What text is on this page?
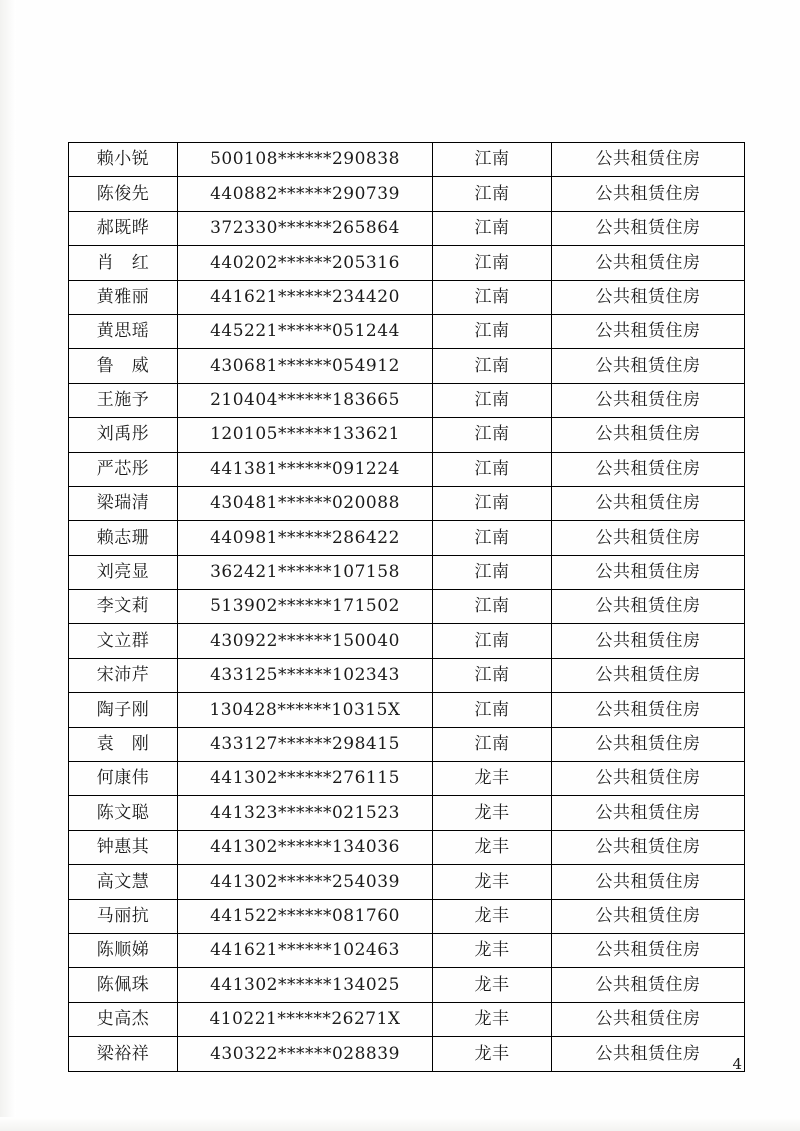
赖小锐	500108******290838	江南	公共租赁住房
陈俊先	440882******290739	江南	公共租赁住房
郝既晔	372330******265864	江南	公共租赁住房
肖　红	440202******205316	江南	公共租赁住房
黄雅丽	441621******234420	江南	公共租赁住房
黄思瑶	445221******051244	江南	公共租赁住房
鲁　威	430681******054912	江南	公共租赁住房
王施予	210404******183665	江南	公共租赁住房
刘禹彤	120105******133621	江南	公共租赁住房
严芯彤	441381******091224	江南	公共租赁住房
梁瑞清	430481******020088	江南	公共租赁住房
赖志珊	440981******286422	江南	公共租赁住房
刘亮显	362421******107158	江南	公共租赁住房
李文莉	513902******171502	江南	公共租赁住房
文立群	430922******150040	江南	公共租赁住房
宋沛芹	433125******102343	江南	公共租赁住房
陶子刚	130428******10315X	江南	公共租赁住房
袁　刚	433127******298415	江南	公共租赁住房
何康伟	441302******276115	龙丰	公共租赁住房
陈文聪	441323******021523	龙丰	公共租赁住房
钟惠其	441302******134036	龙丰	公共租赁住房
高文慧	441302******254039	龙丰	公共租赁住房
马丽抗	441522******081760	龙丰	公共租赁住房
陈顺娣	441621******102463	龙丰	公共租赁住房
陈佩珠	441302******134025	龙丰	公共租赁住房
史高杰	410221******26271X	龙丰	公共租赁住房
梁裕祥	430322******028839	龙丰	公共租赁住房
4
